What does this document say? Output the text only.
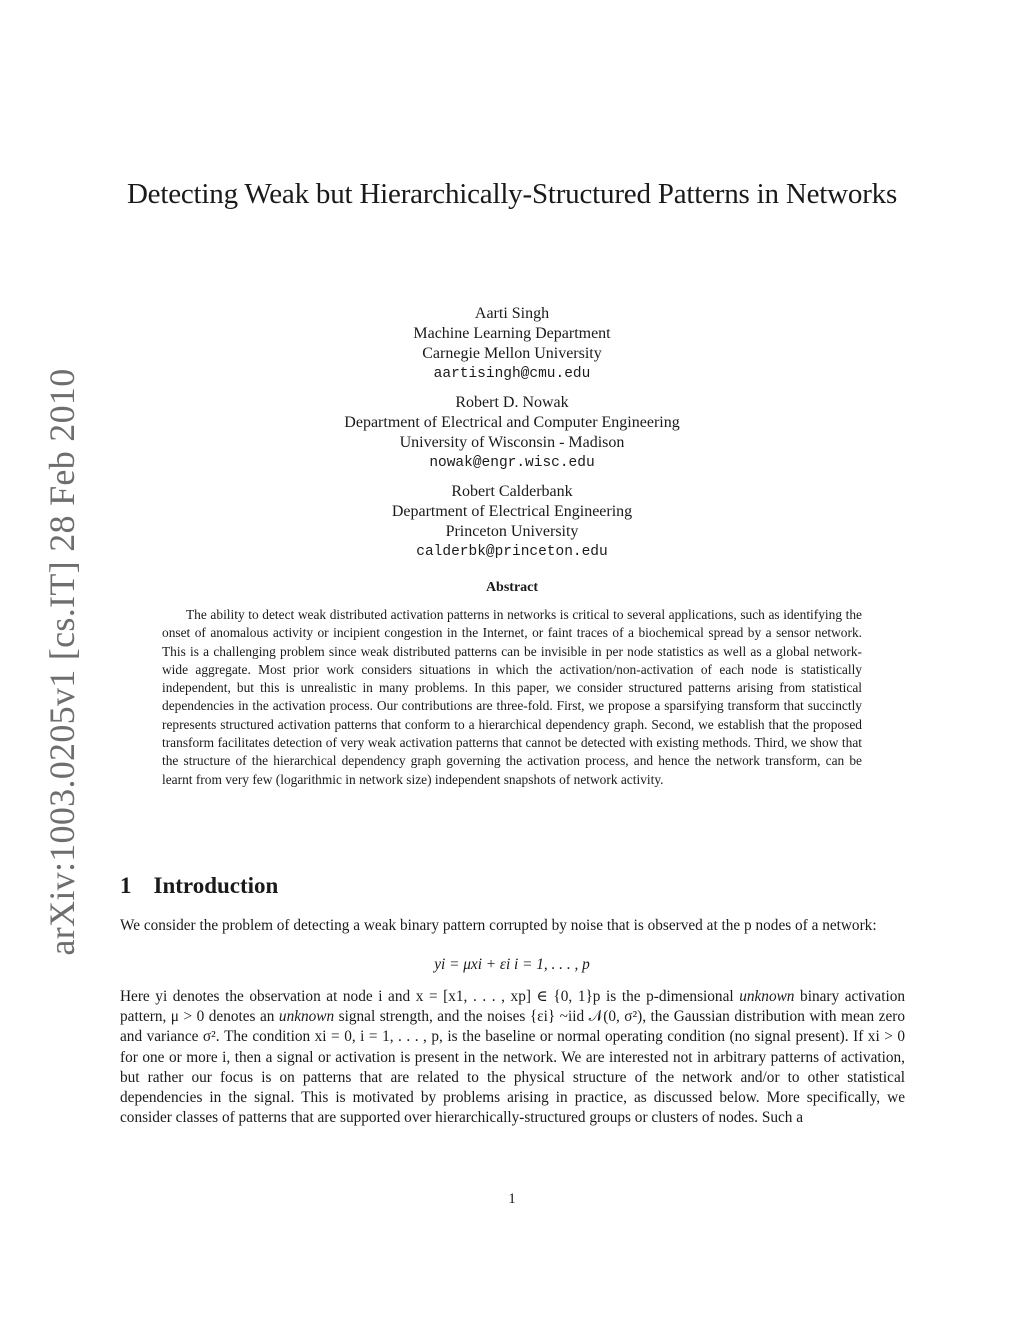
arXiv:1003.0205v1 [cs.IT] 28 Feb 2010
Detecting Weak but Hierarchically-Structured Patterns in Networks
Aarti Singh
Machine Learning Department
Carnegie Mellon University
aartisingh@cmu.edu
Robert D. Nowak
Department of Electrical and Computer Engineering
University of Wisconsin - Madison
nowak@engr.wisc.edu
Robert Calderbank
Department of Electrical Engineering
Princeton University
calderbk@princeton.edu
Abstract
The ability to detect weak distributed activation patterns in networks is critical to several applications, such as identifying the onset of anomalous activity or incipient congestion in the Internet, or faint traces of a biochemical spread by a sensor network. This is a challenging problem since weak distributed patterns can be invisible in per node statistics as well as a global network-wide aggregate. Most prior work considers situations in which the activation/non-activation of each node is statistically independent, but this is unrealistic in many problems. In this paper, we consider structured patterns arising from statistical dependencies in the activation process. Our contributions are three-fold. First, we propose a sparsifying transform that succinctly represents structured activation patterns that conform to a hierarchical dependency graph. Second, we establish that the proposed transform facilitates detection of very weak activation patterns that cannot be detected with existing methods. Third, we show that the structure of the hierarchical dependency graph governing the activation process, and hence the network transform, can be learnt from very few (logarithmic in network size) independent snapshots of network activity.
1 Introduction
We consider the problem of detecting a weak binary pattern corrupted by noise that is observed at the p nodes of a network:
yi = μxi + εi i = 1, . . . , p
Here yi denotes the observation at node i and x = [x1, . . . , xp] ∈ {0, 1}p is the p-dimensional unknown binary activation pattern, μ > 0 denotes an unknown signal strength, and the noises {εi} ~iid 𝒩(0, σ²), the Gaussian distribution with mean zero and variance σ². The condition xi = 0, i = 1, . . . , p, is the baseline or normal operating condition (no signal present). If xi > 0 for one or more i, then a signal or activation is present in the network. We are interested not in arbitrary patterns of activation, but rather our focus is on patterns that are related to the physical structure of the network and/or to other statistical dependencies in the signal. This is motivated by problems arising in practice, as discussed below. More specifically, we consider classes of patterns that are supported over hierarchically-structured groups or clusters of nodes. Such a
1
